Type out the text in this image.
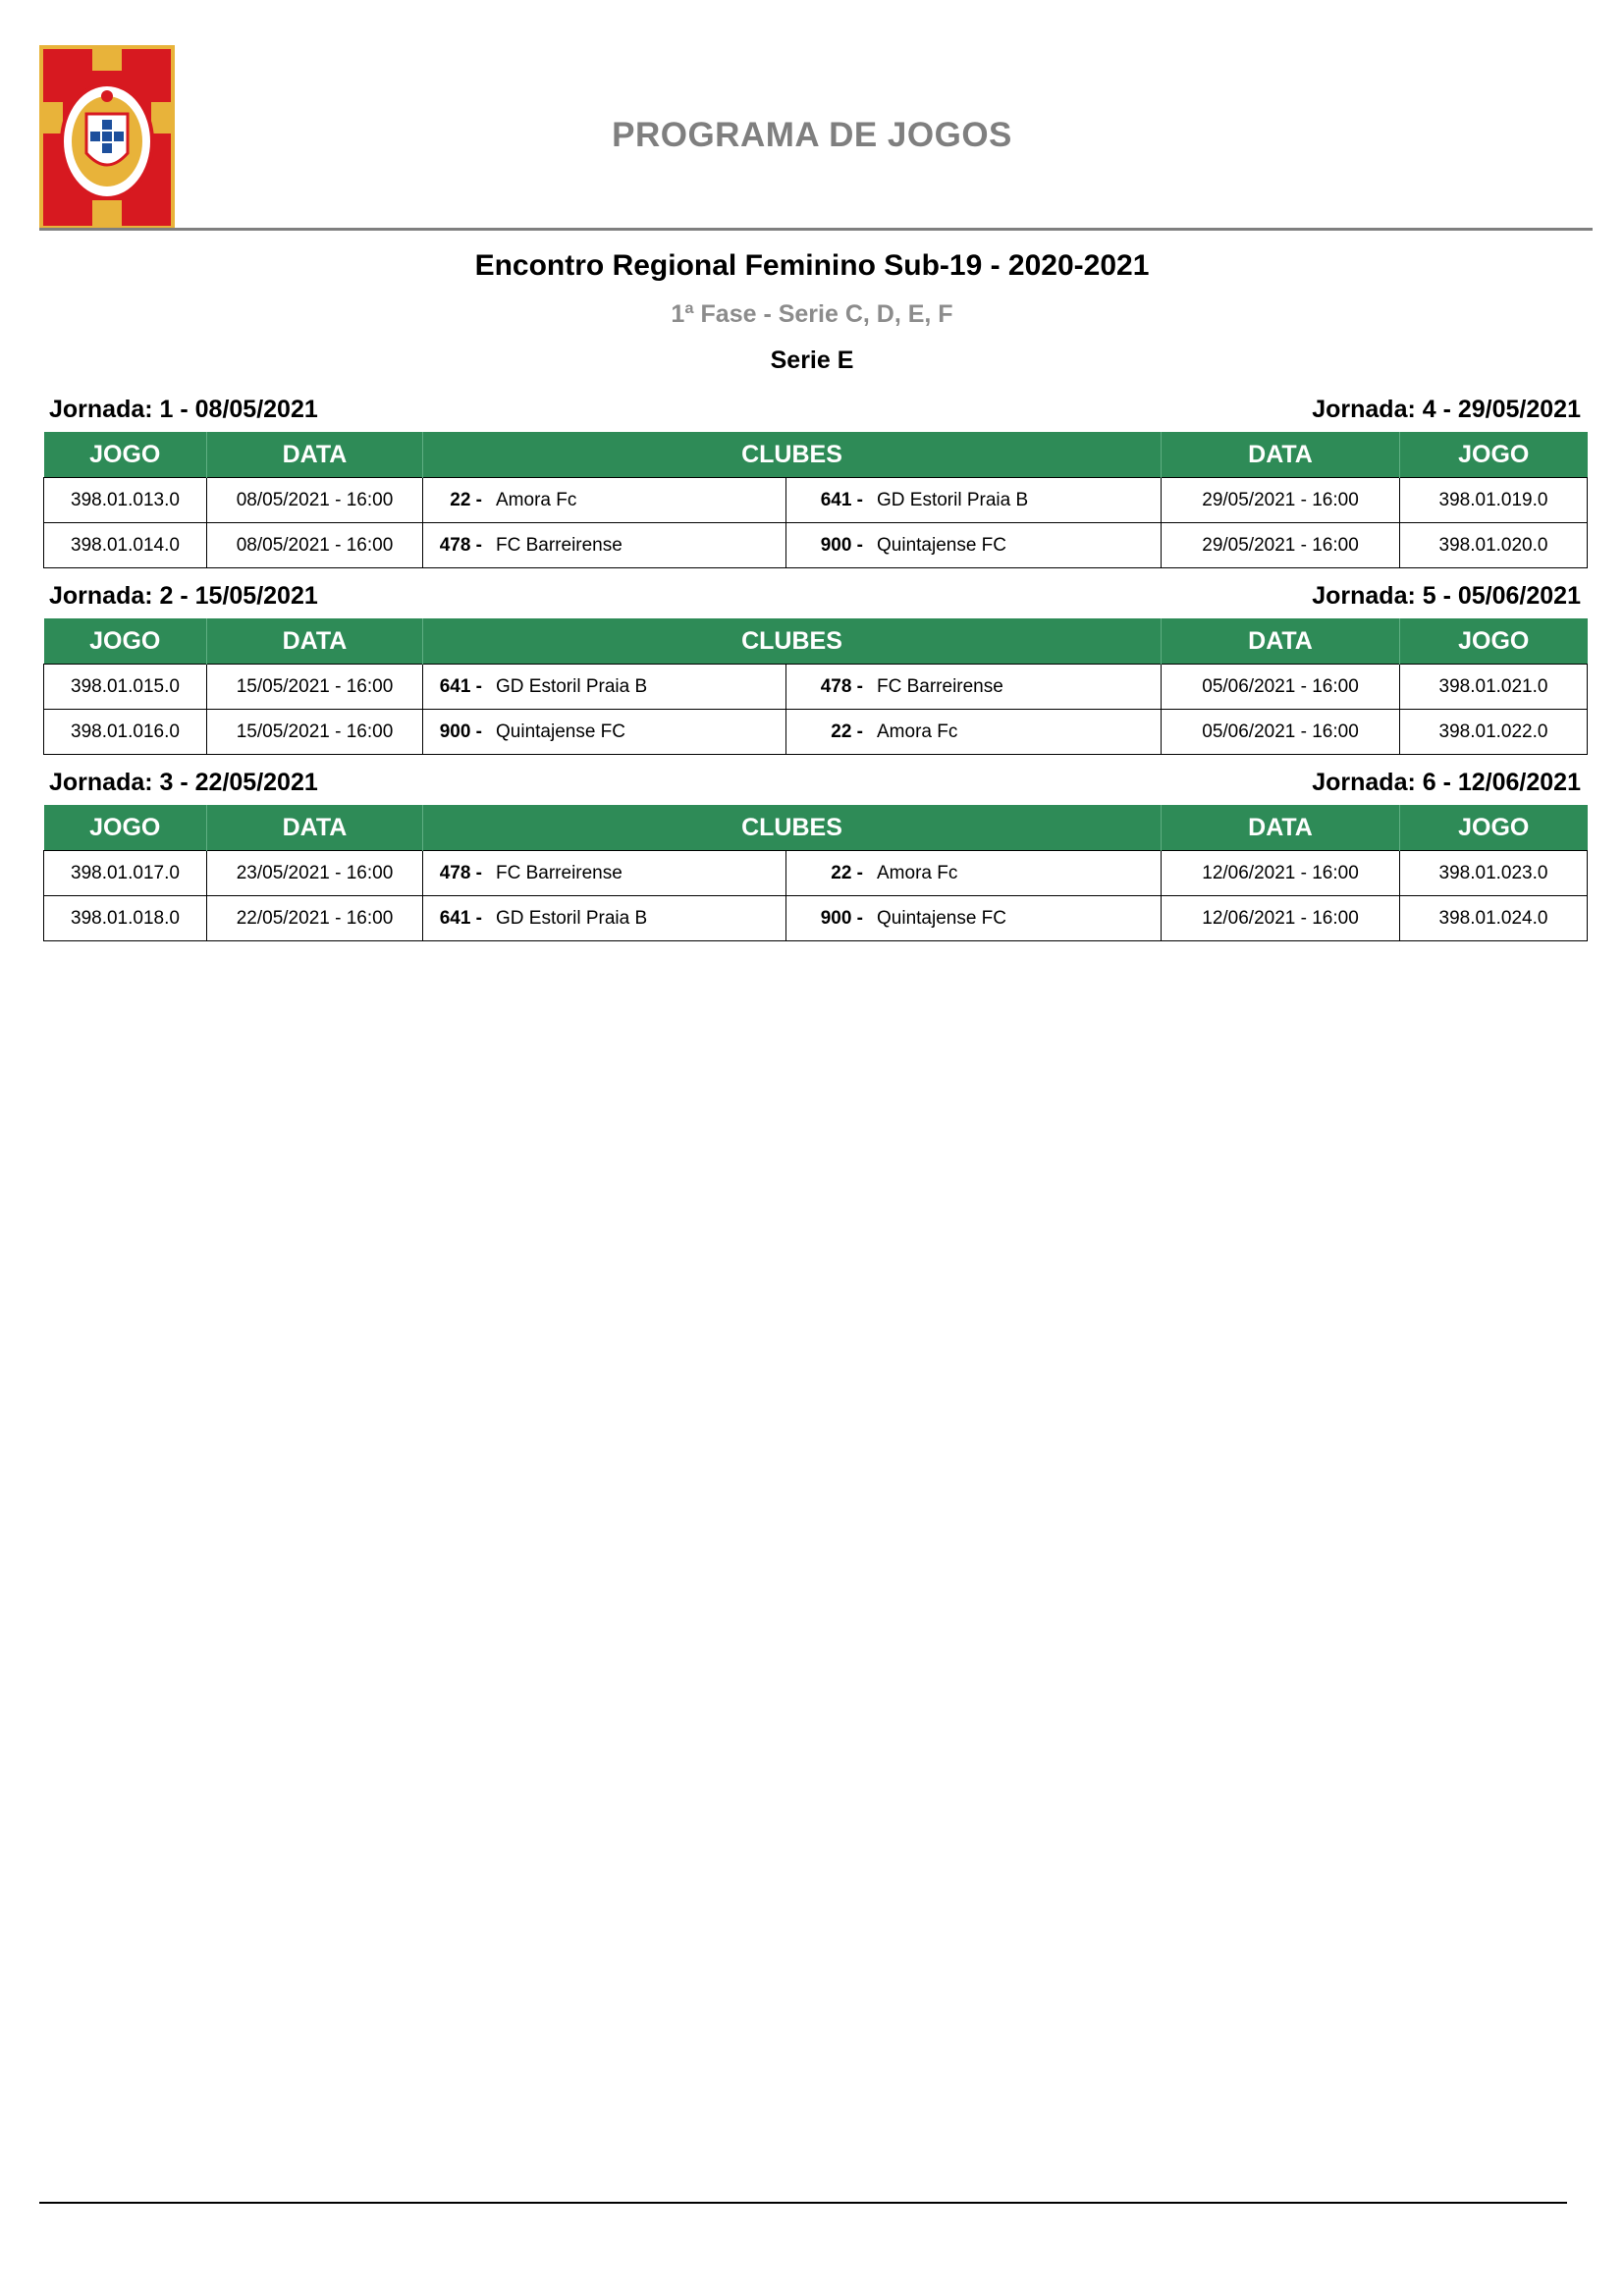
PROGRAMA DE JOGOS
Encontro Regional Feminino Sub-19 - 2020-2021
1ª Fase - Serie C, D, E, F
Serie E
Jornada: 1 - 08/05/2021	Jornada: 4 - 29/05/2021
JOGO	DATA	CLUBES		DATA	JOGO
398.01.013.0	08/05/2021 - 16:00	22 - Amora Fc	641 - GD Estoril Praia B	29/05/2021 - 16:00	398.01.019.0
398.01.014.0	08/05/2021 - 16:00	478 - FC Barreirense	900 - Quintajense FC	29/05/2021 - 16:00	398.01.020.0
Jornada: 2 - 15/05/2021	Jornada: 5 - 05/06/2021
JOGO	DATA	CLUBES		DATA	JOGO
398.01.015.0	15/05/2021 - 16:00	641 - GD Estoril Praia B	478 - FC Barreirense	05/06/2021 - 16:00	398.01.021.0
398.01.016.0	15/05/2021 - 16:00	900 - Quintajense FC	22 - Amora Fc	05/06/2021 - 16:00	398.01.022.0
Jornada: 3 - 22/05/2021	Jornada: 6 - 12/06/2021
JOGO	DATA	CLUBES		DATA	JOGO
398.01.017.0	23/05/2021 - 16:00	478 - FC Barreirense	22 - Amora Fc	12/06/2021 - 16:00	398.01.023.0
398.01.018.0	22/05/2021 - 16:00	641 - GD Estoril Praia B	900 - Quintajense FC	12/06/2021 - 16:00	398.01.024.0
